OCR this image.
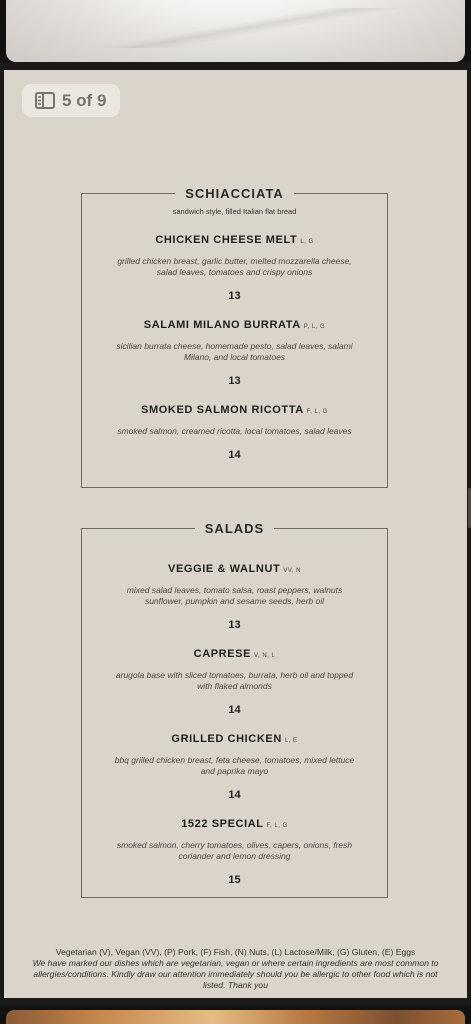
5 of 9
SCHIACCIATA
sandwich style, filled Italian flat bread
CHICKEN CHEESE MELT L, G
grilled chicken breast, garlic butter, melted mozzarella cheese, salad leaves, tomatoes and crispy onions
13
SALAMI MILANO BURRATA P, L, G
sicilian burrata cheese, homemade pesto, salad leaves, salami Milano, and local tomatoes
13
SMOKED SALMON RICOTTA F, L, G
smoked salmon, creamed ricotta, local tomatoes, salad leaves
14
SALADS
VEGGIE & WALNUT VV, N
mixed salad leaves, tomato salsa, roast peppers, walnuts sunflower, pumpkin and sesame seeds, herb oil
13
CAPRESE V, N, L
arugola base with sliced tomatoes, burrata, herb oil and topped with flaked almonds
14
GRILLED CHICKEN L, E
bbq grilled chicken breast, feta cheese, tomatoes, mixed lettuce and paprika mayo
14
1522 SPECIAL F, L, G
smoked salmon, cherry tomatoes, olives, capers, onions, fresh coriander and lemon dressing
15
Vegetarian (V), Vegan (VV), (P) Pork, (F) Fish, (N) Nuts, (L) Lactose/Milk, (G) Gluten, (E) Eggs
We have marked our dishes which are vegetarian, vegan or where certain ingredients are most common to allergies/conditions. Kindly draw our attention immediately should you be allergic to other food which is not listed. Thank you
